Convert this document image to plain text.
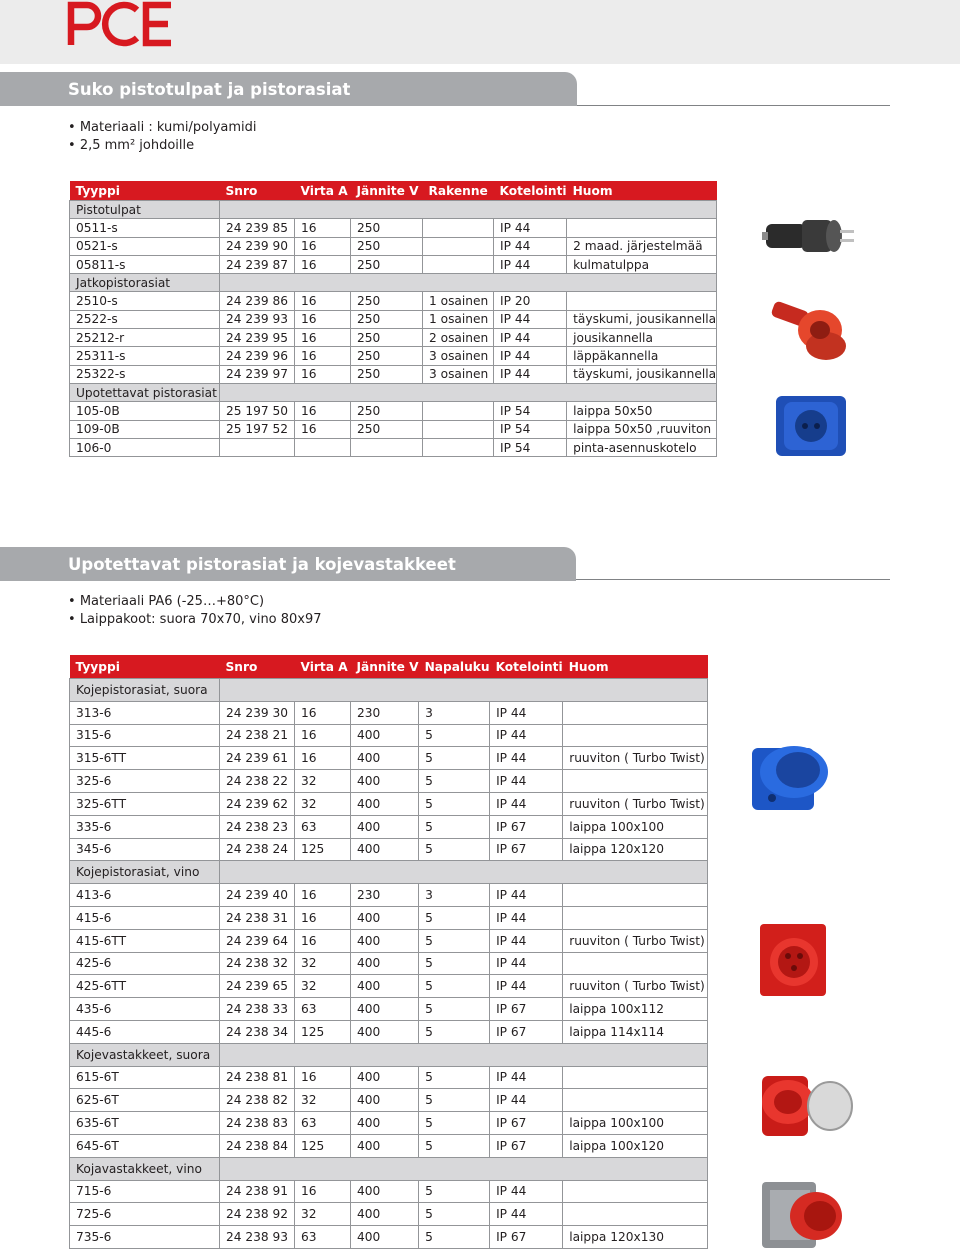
Suko pistotulpat ja pistorasiat
• Materiaali : kumi/polyamidi
• 2,5 mm² johdoille
Tyyppi	Snro	Virta A	Jännite V	Rakenne	Kotelointi	Huom
Pistotulpat						
0511-s	24 239 85	16	250		IP 44	
0521-s	24 239 90	16	250		IP 44	2 maad. järjestelmää
05811-s	24 239 87	16	250		IP 44	kulmatulppa
Jatkopistorasiat						
2510-s	24 239 86	16	250	1 osainen	IP 20	
2522-s	24 239 93	16	250	1 osainen	IP 44	täyskumi, jousikannella
25212-r	24 239 95	16	250	2 osainen	IP 44	jousikannella
25311-s	24 239 96	16	250	3 osainen	IP 44	läppäkannella
25322-s	24 239 97	16	250	3 osainen	IP 44	täyskumi, jousikannella
Upotettavat pistorasiat						
105-0B	25 197 50	16	250		IP 54	laippa 50x50
109-0B	25 197 52	16	250		IP 54	laippa 50x50 ,ruuviton
106-0					IP 54	pinta-asennuskotelo
Upotettavat pistorasiat ja kojevastakkeet
• Materiaali PA6 (-25…+80°C)
• Laippakoot: suora 70x70, vino 80x97
Tyyppi	Snro	Virta A	Jännite V	Napaluku	Kotelointi	Huom
Kojepistorasiat, suora						
313-6	24 239 30	16	230	3	IP 44	
315-6	24 238 21	16	400	5	IP 44	
315-6TT	24 239 61	16	400	5	IP 44	ruuviton ( Turbo Twist)
325-6	24 238 22	32	400	5	IP 44	
325-6TT	24 239 62	32	400	5	IP 44	ruuviton ( Turbo Twist)
335-6	24 238 23	63	400	5	IP 67	laippa 100x100
345-6	24 238 24	125	400	5	IP 67	laippa 120x120
Kojepistorasiat, vino						
413-6	24 239 40	16	230	3	IP 44	
415-6	24 238 31	16	400	5	IP 44	
415-6TT	24 239 64	16	400	5	IP 44	ruuviton ( Turbo Twist)
425-6	24 238 32	32	400	5	IP 44	
425-6TT	24 239 65	32	400	5	IP 44	ruuviton ( Turbo Twist)
435-6	24 238 33	63	400	5	IP 67	laippa 100x112
445-6	24 238 34	125	400	5	IP 67	laippa 114x114
Kojevastakkeet, suora						
615-6T	24 238 81	16	400	5	IP 44	
625-6T	24 238 82	32	400	5	IP 44	
635-6T	24 238 83	63	400	5	IP 67	laippa 100x100
645-6T	24 238 84	125	400	5	IP 67	laippa 100x120
Kojavastakkeet, vino						
715-6	24 238 91	16	400	5	IP 44	
725-6	24 238 92	32	400	5	IP 44	
735-6	24 238 93	63	400	5	IP 67	laippa 120x130
